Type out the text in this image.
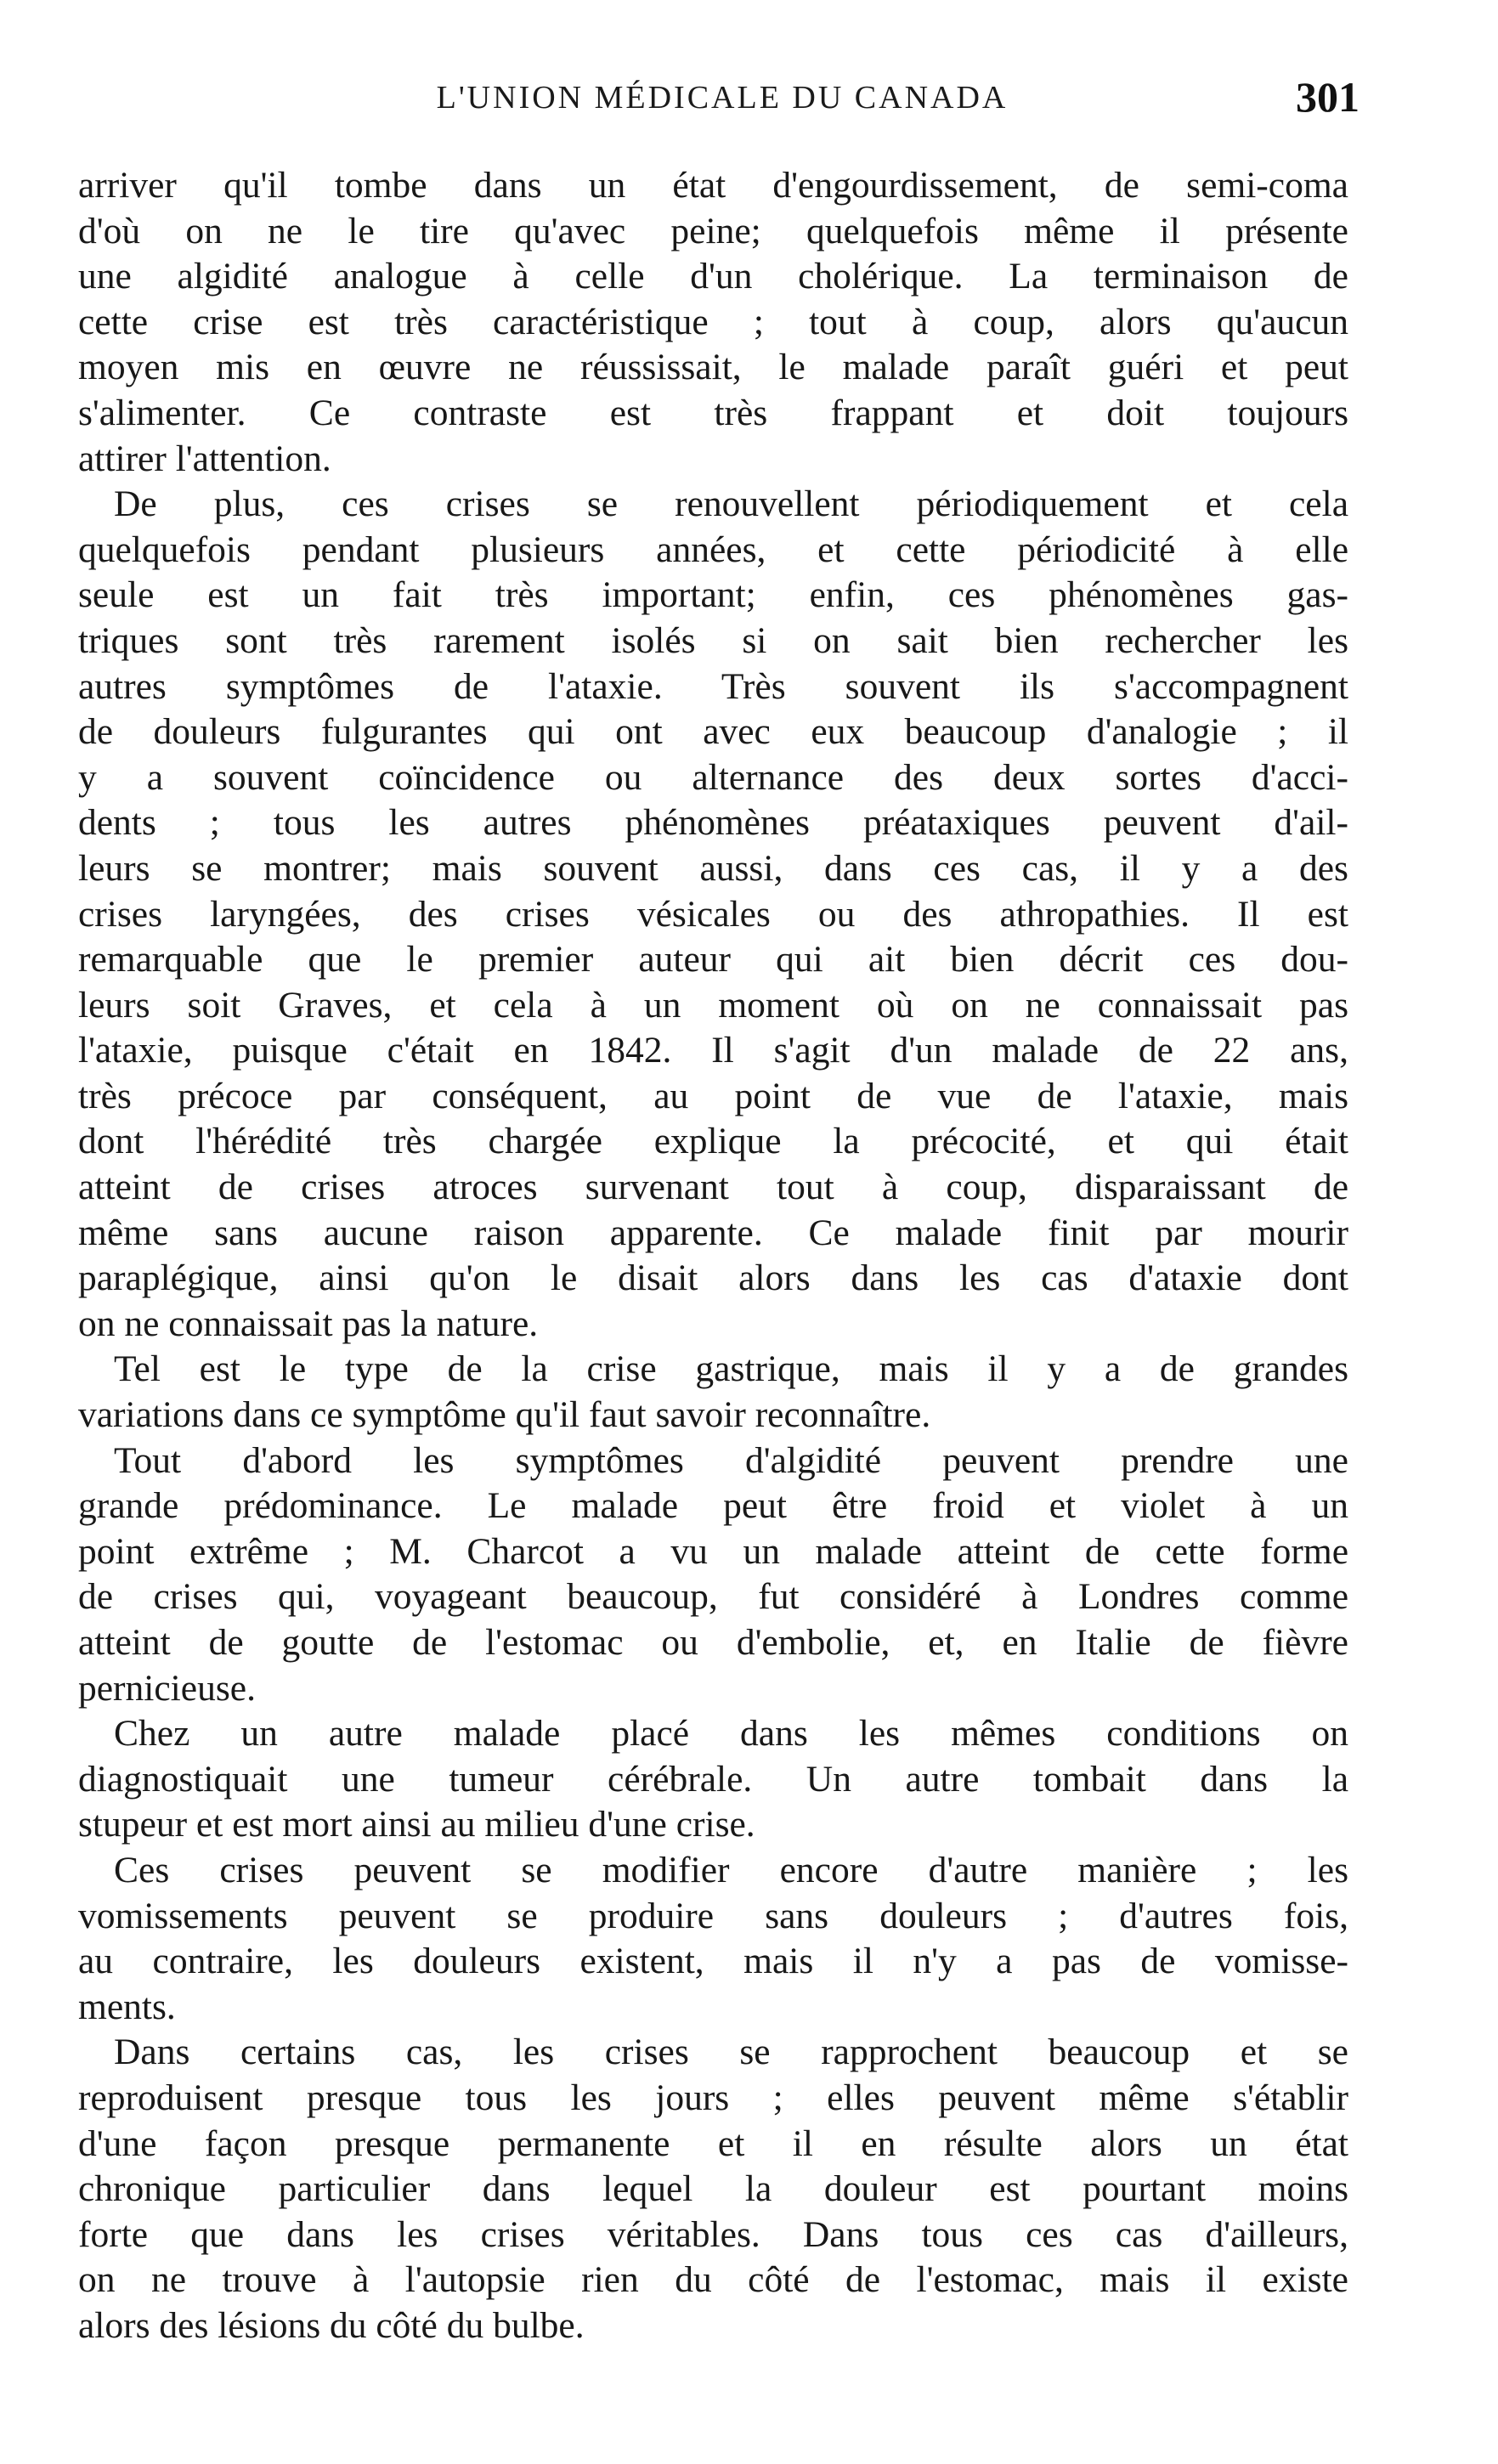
L'UNION MÉDICALE DU CANADA	301

arriver qu'il tombe dans un état d'engourdissement, de semi-coma
d'où on ne le tire qu'avec peine; quelquefois même il présente
une algidité analogue à celle d'un cholérique. La terminaison de
cette crise est très caractéristique ; tout à coup, alors qu'aucun
moyen mis en œuvre ne réussissait, le malade paraît guéri et peut
s'alimenter. Ce contraste est très frappant et doit toujours
attirer l'attention.

De plus, ces crises se renouvellent périodiquement et cela
quelquefois pendant plusieurs années, et cette périodicité à elle
seule est un fait très important; enfin, ces phénomènes gas-
triques sont très rarement isolés si on sait bien rechercher les
autres symptômes de l'ataxie. Très souvent ils s'accompagnent
de douleurs fulgurantes qui ont avec eux beaucoup d'analogie ; il
y a souvent coïncidence ou alternance des deux sortes d'acci-
dents ; tous les autres phénomènes préataxiques peuvent d'ail-
leurs se montrer; mais souvent aussi, dans ces cas, il y a des
crises laryngées, des crises vésicales ou des athropathies. Il est
remarquable que le premier auteur qui ait bien décrit ces dou-
leurs soit Graves, et cela à un moment où on ne connaissait pas
l'ataxie, puisque c'était en 1842. Il s'agit d'un malade de 22 ans,
très précoce par conséquent, au point de vue de l'ataxie, mais
dont l'hérédité très chargée explique la précocité, et qui était
atteint de crises atroces survenant tout à coup, disparaissant de
même sans aucune raison apparente. Ce malade finit par mourir
paraplégique, ainsi qu'on le disait alors dans les cas d'ataxie dont
on ne connaissait pas la nature.

Tel est le type de la crise gastrique, mais il y a de grandes
variations dans ce symptôme qu'il faut savoir reconnaître.

Tout d'abord les symptômes d'algidité peuvent prendre une
grande prédominance. Le malade peut être froid et violet à un
point extrême ; M. Charcot a vu un malade atteint de cette forme
de crises qui, voyageant beaucoup, fut considéré à Londres comme
atteint de goutte de l'estomac ou d'embolie, et, en Italie de fièvre
pernicieuse.

Chez un autre malade placé dans les mêmes conditions on
diagnostiquait une tumeur cérébrale. Un autre tombait dans la
stupeur et est mort ainsi au milieu d'une crise.

Ces crises peuvent se modifier encore d'autre manière ; les
vomissements peuvent se produire sans douleurs ; d'autres fois,
au contraire, les douleurs existent, mais il n'y a pas de vomisse-
ments.

Dans certains cas, les crises se rapprochent beaucoup et se
reproduisent presque tous les jours ; elles peuvent même s'établir
d'une façon presque permanente et il en résulte alors un état
chronique particulier dans lequel la douleur est pourtant moins
forte que dans les crises véritables. Dans tous ces cas d'ailleurs,
on ne trouve à l'autopsie rien du côté de l'estomac, mais il existe
alors des lésions du côté du bulbe.
